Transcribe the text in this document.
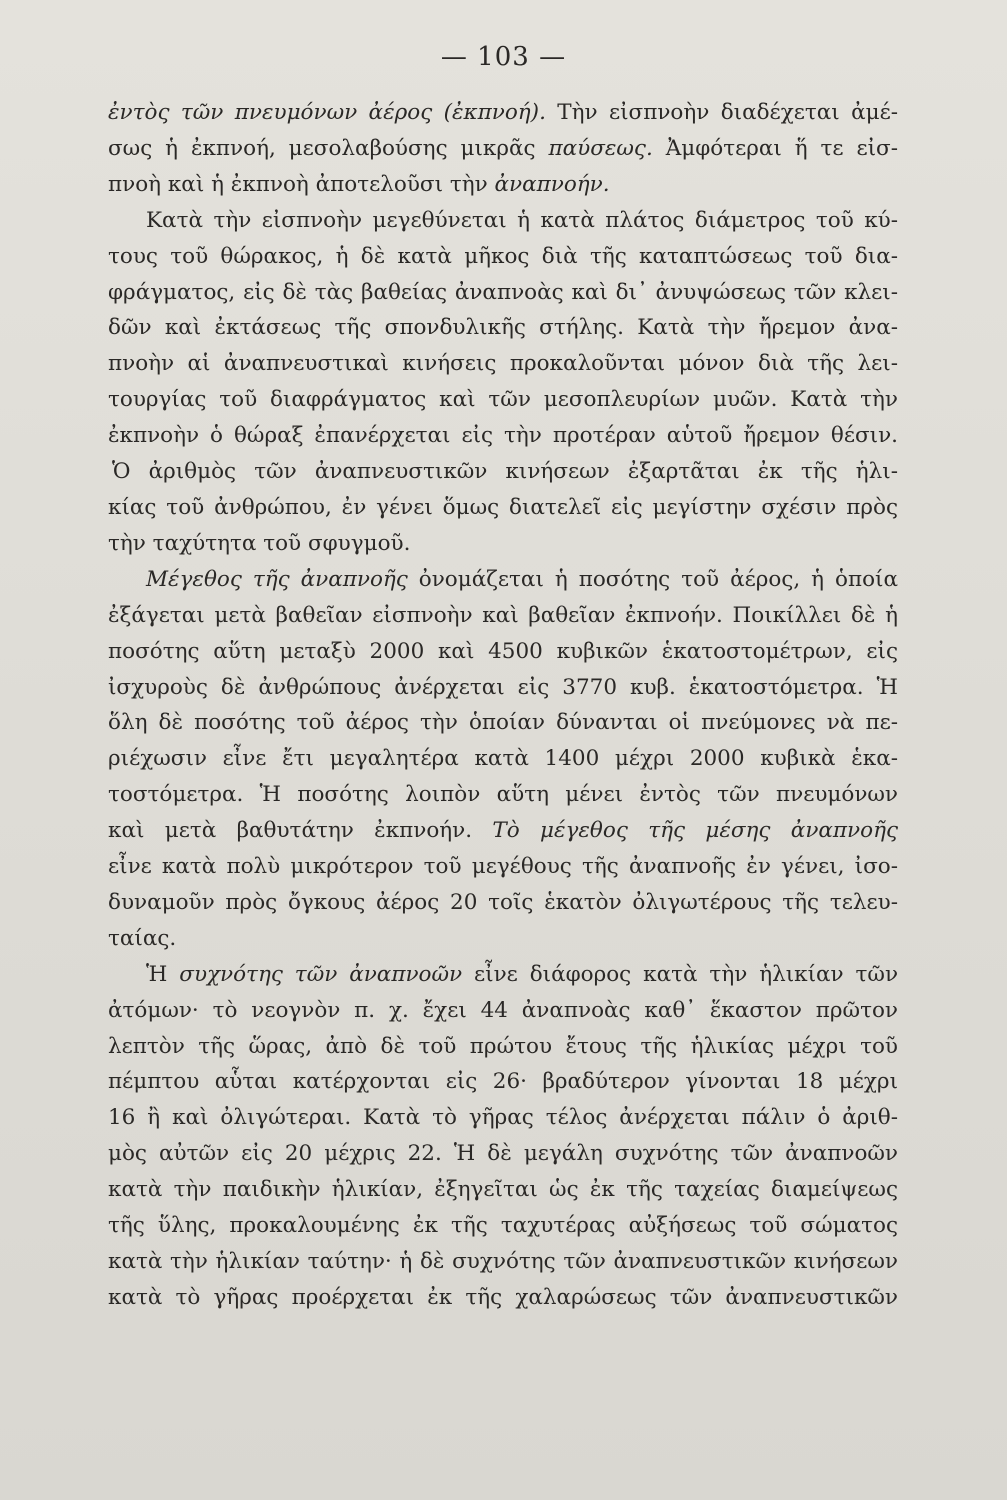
— 103 —
ἐντὸς τῶν πνευμόνων ἀέρος (ἐκπνοή). Τὴν εἰσπνοὴν διαδέχεται ἀμέ-
σως ἡ ἐκπνοή, μεσολαβούσης μικρᾶς παύσεως. Ἀμφότεραι ἥ τε εἰσ-
πνοὴ καὶ ἡ ἐκπνοὴ ἀποτελοῦσι τὴν ἀναπνοήν.
Κατὰ τὴν εἰσπνοὴν μεγεθύνεται ἡ κατὰ πλάτος διάμετρος τοῦ κύ-
τους τοῦ θώρακος, ἡ δὲ κατὰ μῆκος διὰ τῆς καταπτώσεως τοῦ δια-
φράγματος, εἰς δὲ τὰς βαθείας ἀναπνοὰς καὶ δι᾽ ἀνυψώσεως τῶν κλει-
δῶν καὶ ἐκτάσεως τῆς σπονδυλικῆς στήλης. Κατὰ τὴν ἤρεμον ἀνα-
πνοὴν αἱ ἀναπνευστικαὶ κινήσεις προκαλοῦνται μόνον διὰ τῆς λει-
τουργίας τοῦ διαφράγματος καὶ τῶν μεσοπλευρίων μυῶν. Κατὰ τὴν
ἐκπνοὴν ὁ θώραξ ἐπανέρχεται εἰς τὴν προτέραν αὑτοῦ ἤρεμον θέσιν.
Ὁ ἀριθμὸς τῶν ἀναπνευστικῶν κινήσεων ἐξαρτᾶται ἐκ τῆς ἡλι-
κίας τοῦ ἀνθρώπου, ἐν γένει ὅμως διατελεῖ εἰς μεγίστην σχέσιν πρὸς
τὴν ταχύτητα τοῦ σφυγμοῦ.
Μέγεθος τῆς ἀναπνοῆς ὀνομάζεται ἡ ποσότης τοῦ ἀέρος, ἡ ὁποία
ἐξάγεται μετὰ βαθεῖαν εἰσπνοὴν καὶ βαθεῖαν ἐκπνοήν. Ποικίλλει δὲ ἡ
ποσότης αὕτη μεταξὺ 2000 καὶ 4500 κυβικῶν ἑκατοστομέτρων, εἰς
ἰσχυροὺς δὲ ἀνθρώπους ἀνέρχεται εἰς 3770 κυβ. ἑκατοστόμετρα. Ἡ
ὅλη δὲ ποσότης τοῦ ἀέρος τὴν ὁποίαν δύνανται οἱ πνεύμονες νὰ πε-
ριέχωσιν εἶνε ἔτι μεγαλητέρα κατὰ 1400 μέχρι 2000 κυβικὰ ἑκα-
τοστόμετρα. Ἡ ποσότης λοιπὸν αὕτη μένει ἐντὸς τῶν πνευμόνων
καὶ μετὰ βαθυτάτην ἐκπνοήν. Τὸ μέγεθος τῆς μέσης ἀναπνοῆς
εἶνε κατὰ πολὺ μικρότερον τοῦ μεγέθους τῆς ἀναπνοῆς ἐν γένει, ἰσο-
δυναμοῦν πρὸς ὄγκους ἀέρος 20 τοῖς ἑκατὸν ὀλιγωτέρους τῆς τελευ-
ταίας.
Ἡ συχνότης τῶν ἀναπνοῶν εἶνε διάφορος κατὰ τὴν ἡλικίαν τῶν
ἀτόμων· τὸ νεογνὸν π. χ. ἔχει 44 ἀναπνοὰς καθ᾽ ἕκαστον πρῶτον
λεπτὸν τῆς ὥρας, ἀπὸ δὲ τοῦ πρώτου ἔτους τῆς ἡλικίας μέχρι τοῦ
πέμπτου αὗται κατέρχονται εἰς 26· βραδύτερον γίνονται 18 μέχρι
16 ἢ καὶ ὀλιγώτεραι. Κατὰ τὸ γῆρας τέλος ἀνέρχεται πάλιν ὁ ἀριθ-
μὸς αὐτῶν εἰς 20 μέχρις 22. Ἡ δὲ μεγάλη συχνότης τῶν ἀναπνοῶν
κατὰ τὴν παιδικὴν ἡλικίαν, ἐξηγεῖται ὡς ἐκ τῆς ταχείας διαμείψεως
τῆς ὕλης, προκαλουμένης ἐκ τῆς ταχυτέρας αὐξήσεως τοῦ σώματος
κατὰ τὴν ἡλικίαν ταύτην· ἡ δὲ συχνότης τῶν ἀναπνευστικῶν κινήσεων
κατὰ τὸ γῆρας προέρχεται ἐκ τῆς χαλαρώσεως τῶν ἀναπνευστικῶν
